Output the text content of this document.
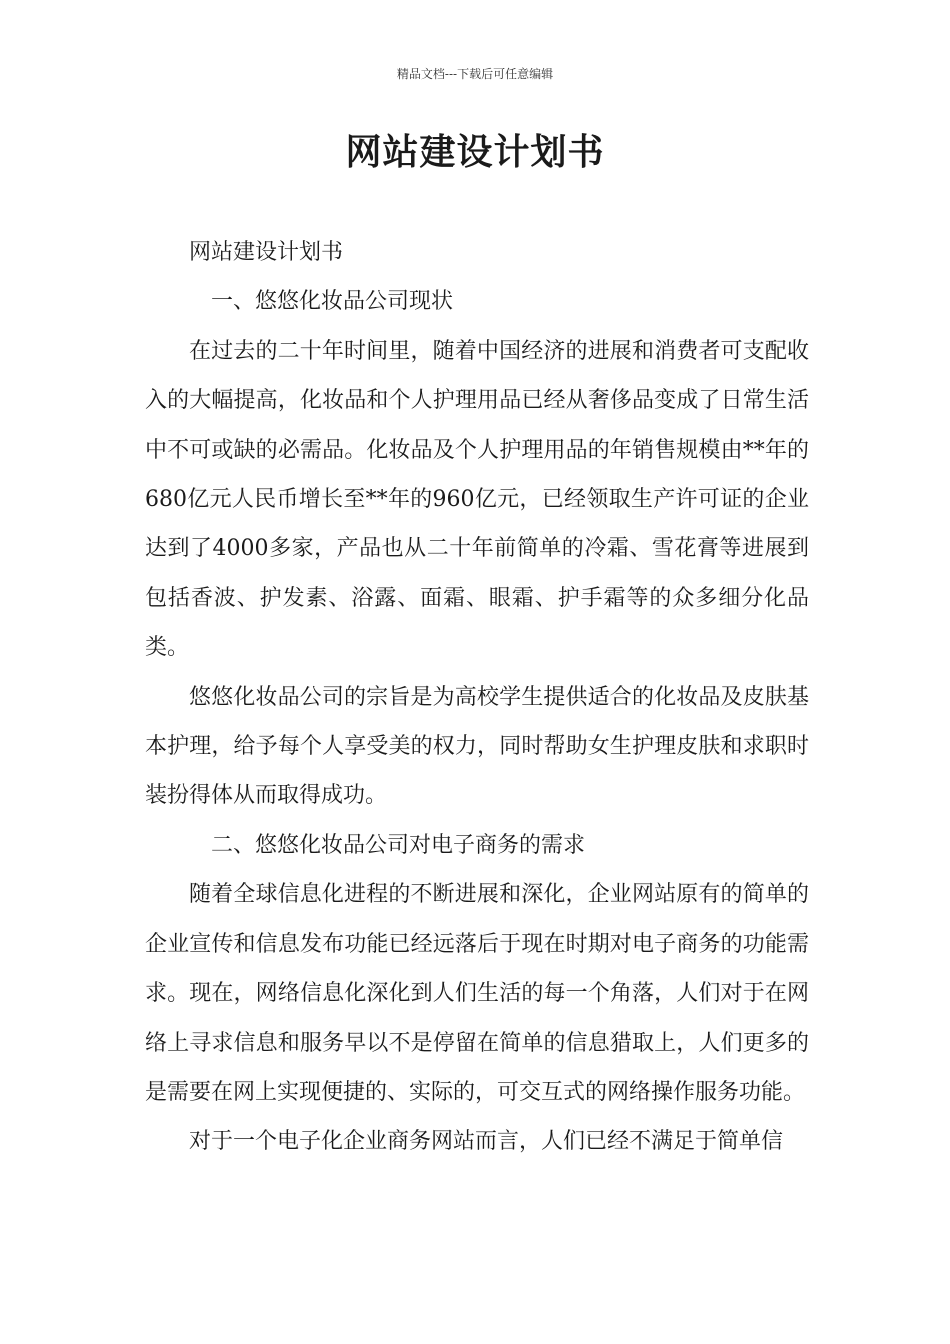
精品文档---下载后可任意编辑
网站建设计划书

网站建设计划书

一、悠悠化妆品公司现状

在过去的二十年时间里，随着中国经济的进展和消费者可支配收入的大幅提高，化妆品和个人护理用品已经从奢侈品变成了日常生活中不可或缺的必需品。化妆品及个人护理用品的年销售规模由**年的680亿元人民币增长至**年的960亿元，已经领取生产许可证的企业达到了4000多家，产品也从二十年前简单的冷霜、雪花膏等进展到包括香波、护发素、浴露、面霜、眼霜、护手霜等的众多细分化品类。

悠悠化妆品公司的宗旨是为高校学生提供适合的化妆品及皮肤基本护理，给予每个人享受美的权力，同时帮助女生护理皮肤和求职时装扮得体从而取得成功。

二、悠悠化妆品公司对电子商务的需求

随着全球信息化进程的不断进展和深化，企业网站原有的简单的企业宣传和信息发布功能已经远落后于现在时期对电子商务的功能需求。现在，网络信息化深化到人们生活的每一个角落，人们对于在网络上寻求信息和服务早以不是停留在简单的信息猎取上，人们更多的是需要在网上实现便捷的、实际的，可交互式的网络操作服务功能。

对于一个电子化企业商务网站而言，人们已经不满足于简单信
